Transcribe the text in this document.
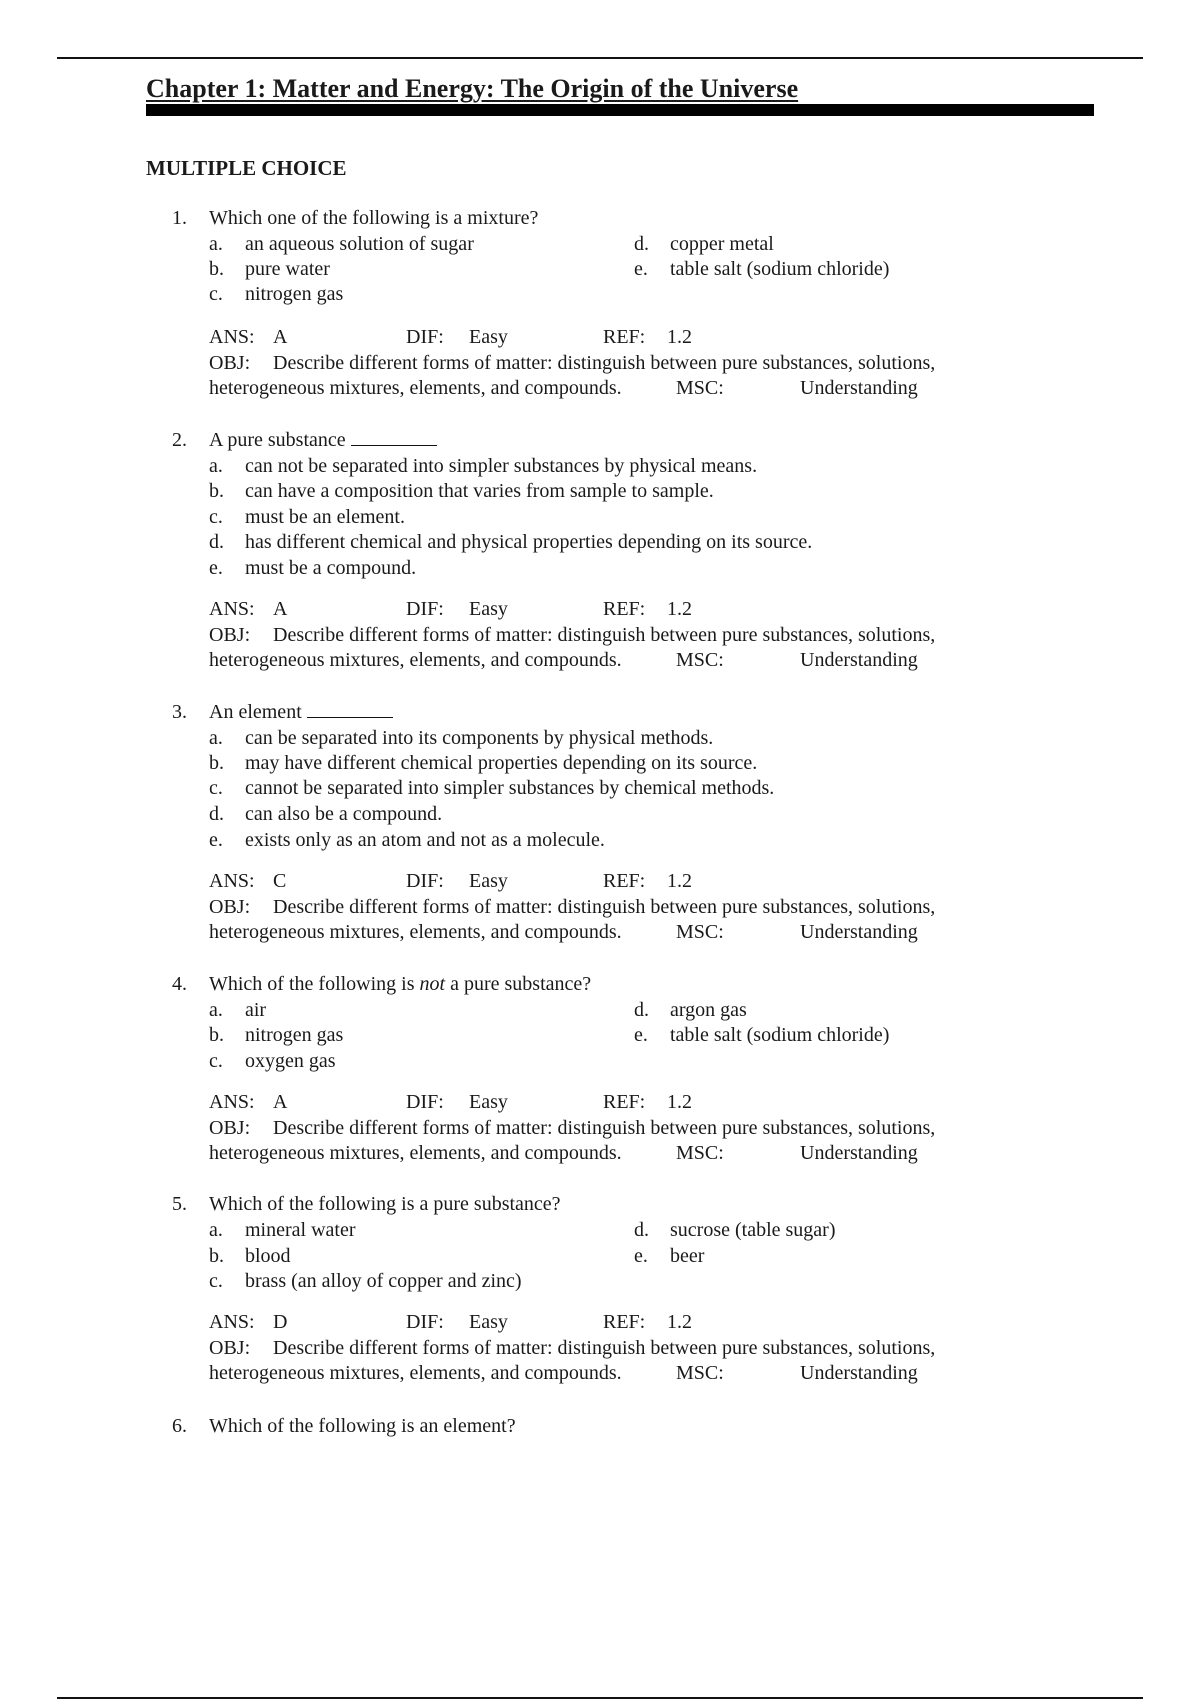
Chapter 1: Matter and Energy: The Origin of the Universe
MULTIPLE CHOICE
1. Which one of the following is a mixture?
a. an aqueous solution of sugar
b. pure water
c. nitrogen gas
d. copper metal
e. table salt (sodium chloride)
ANS: A	DIF: Easy	REF: 1.2
OBJ: Describe different forms of matter: distinguish between pure substances, solutions,
heterogeneous mixtures, elements, and compounds.	MSC:	Understanding
2. A pure substance
a. can not be separated into simpler substances by physical means.
b. can have a composition that varies from sample to sample.
c. must be an element.
d. has different chemical and physical properties depending on its source.
e. must be a compound.
ANS: A	DIF: Easy	REF: 1.2
OBJ: Describe different forms of matter: distinguish between pure substances, solutions,
heterogeneous mixtures, elements, and compounds.	MSC:	Understanding
3. An element
a. can be separated into its components by physical methods.
b. may have different chemical properties depending on its source.
c. cannot be separated into simpler substances by chemical methods.
d. can also be a compound.
e. exists only as an atom and not as a molecule.
ANS: C	DIF: Easy	REF: 1.2
OBJ: Describe different forms of matter: distinguish between pure substances, solutions,
heterogeneous mixtures, elements, and compounds.	MSC:	Understanding
4. Which of the following is not a pure substance?
a. air
b. nitrogen gas
c. oxygen gas
d. argon gas
e. table salt (sodium chloride)
ANS: A	DIF: Easy	REF: 1.2
OBJ: Describe different forms of matter: distinguish between pure substances, solutions,
heterogeneous mixtures, elements, and compounds.	MSC:	Understanding
5. Which of the following is a pure substance?
a. mineral water
b. blood
c. brass (an alloy of copper and zinc)
d. sucrose (table sugar)
e. beer
ANS: D	DIF: Easy	REF: 1.2
OBJ: Describe different forms of matter: distinguish between pure substances, solutions,
heterogeneous mixtures, elements, and compounds.	MSC:	Understanding
6. Which of the following is an element?
